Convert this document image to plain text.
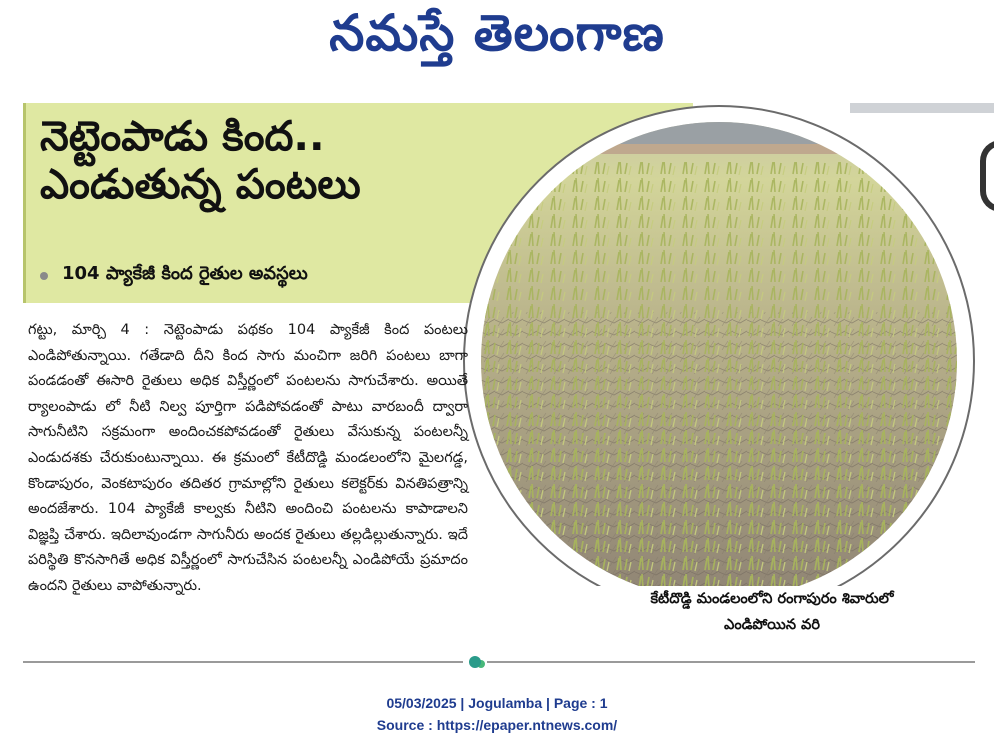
నమస్తే తెలంగాణ
నెట్టెంపాడు కింద..
ఎండుతున్న పంటలు
104 ప్యాకేజీ కింద రైతుల అవస్థలు

గట్టు, మార్చి 4 : నెట్టెంపాడు పథకం 104 ప్యాకేజీ కింద పంటలు ఎండిపోతున్నాయి. గతేడాది దీని కింద సాగు మంచిగా జరిగి పంటలు బాగా పండడంతో ఈసారి రైతులు అధిక విస్తీర్ణంలో పంటలను సాగుచేశారు. అయితే ర్యాలంపాడు లో నీటి నిల్వ పూర్తిగా పడిపోవడంతో పాటు వారబందీ ద్వారా సాగునీటిని సక్రమంగా అందించకపోవడంతో రైతులు వేసుకున్న పంటలన్నీ ఎండుదశకు చేరుకుంటున్నాయి. ఈ క్రమంలో కేటీదొడ్డి మండలంలోని మైలగడ్డ, కొండాపురం, వెంకటాపురం తదితర గ్రామాల్లోని రైతులు కలెక్టర్‌కు వినతిపత్రాన్ని అందజేశారు. 104 ప్యాకేజీ కాల్వకు నీటిని అందించి పంటలను కాపాడాలని విజ్ఞప్తి చేశారు. ఇదిలావుండగా సాగునీరు అందక రైతులు తల్లడిల్లుతున్నారు. ఇదే పరిస్థితి కొనసాగితే అధిక విస్తీర్ణంలో సాగుచేసిన పంటలన్నీ ఎండిపోయే ప్రమాదం ఉందని రైతులు వాపోతున్నారు.

కేటీదొడ్డి మండలంలోని రంగాపురం శివారులో
ఎండిపోయిన వరి
05/03/2025 | Jogulamba | Page : 1
Source : https://epaper.ntnews.com/
